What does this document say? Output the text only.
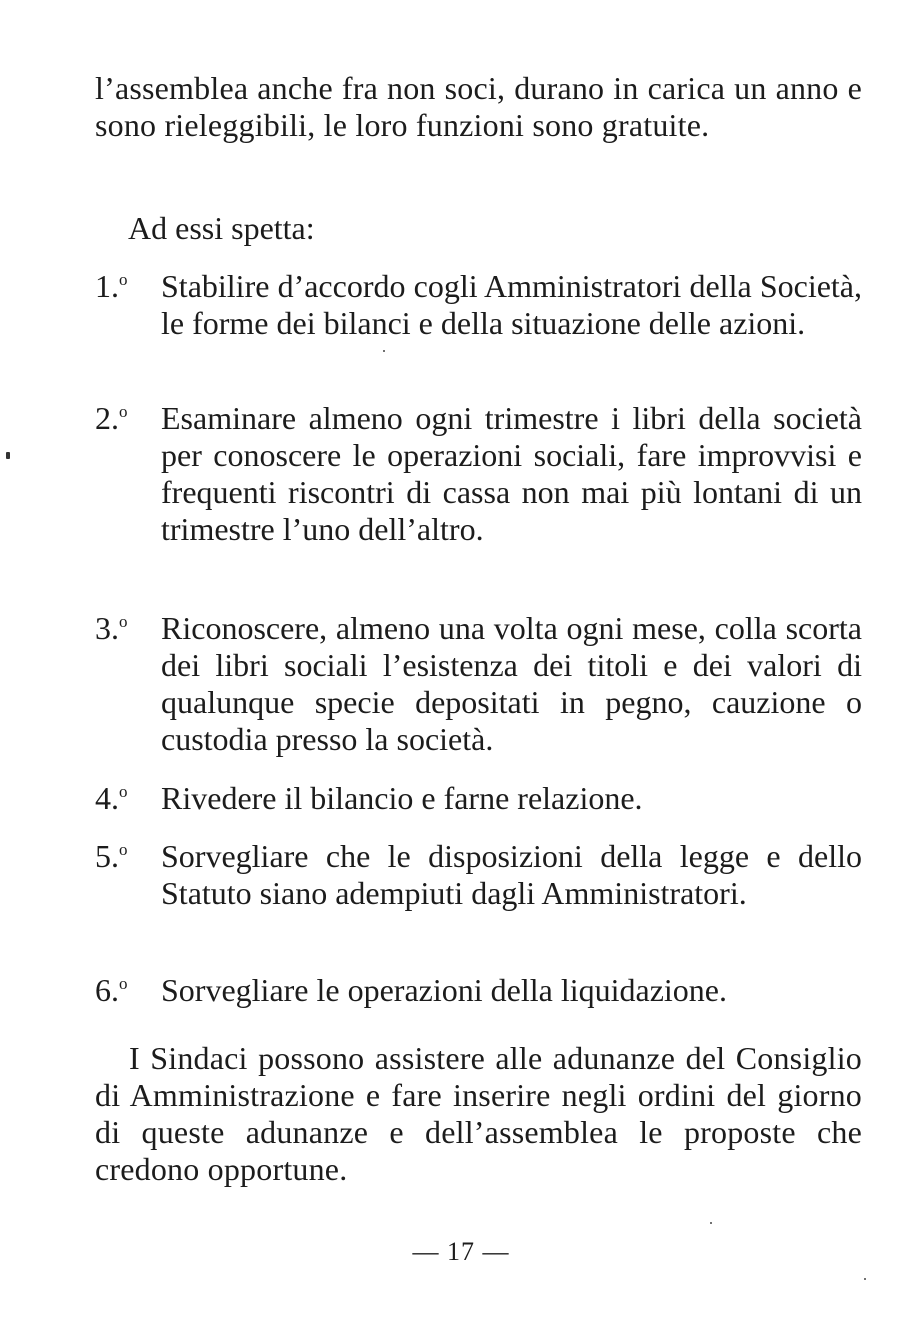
l’assemblea anche fra non soci, durano in carica un anno e sono rieleggibili, le loro funzioni sono gratuite.

Ad essi spetta:

1.$^o$	Stabilire d’accordo cogli Amministratori della Società, le forme dei bilanci e della situazione delle azioni.
2.$^o$	Esaminare almeno ogni trimestre i libri della società per conoscere le operazioni sociali, fare improvvisi e frequenti riscontri di cassa non mai più lontani di un trimestre l’uno dell’altro.
3.$^o$	Riconoscere, almeno una volta ogni mese, colla scorta dei libri sociali l’esistenza dei titoli e dei valori di qualunque specie depositati in pegno, cauzione o custodia presso la società.
4.$^o$	Rivedere il bilancio e farne relazione.
5.$^o$	Sorvegliare che le disposizioni della legge e dello Statuto siano adempiuti dagli Amministratori.
6.$^o$	Sorvegliare le operazioni della liquidazione.

I Sindaci possono assistere alle adunanze del Consiglio di Amministrazione e fare inserire negli ordini del giorno di queste adunanze e dell’assemblea le proposte che credono opportune.

— 17 —
